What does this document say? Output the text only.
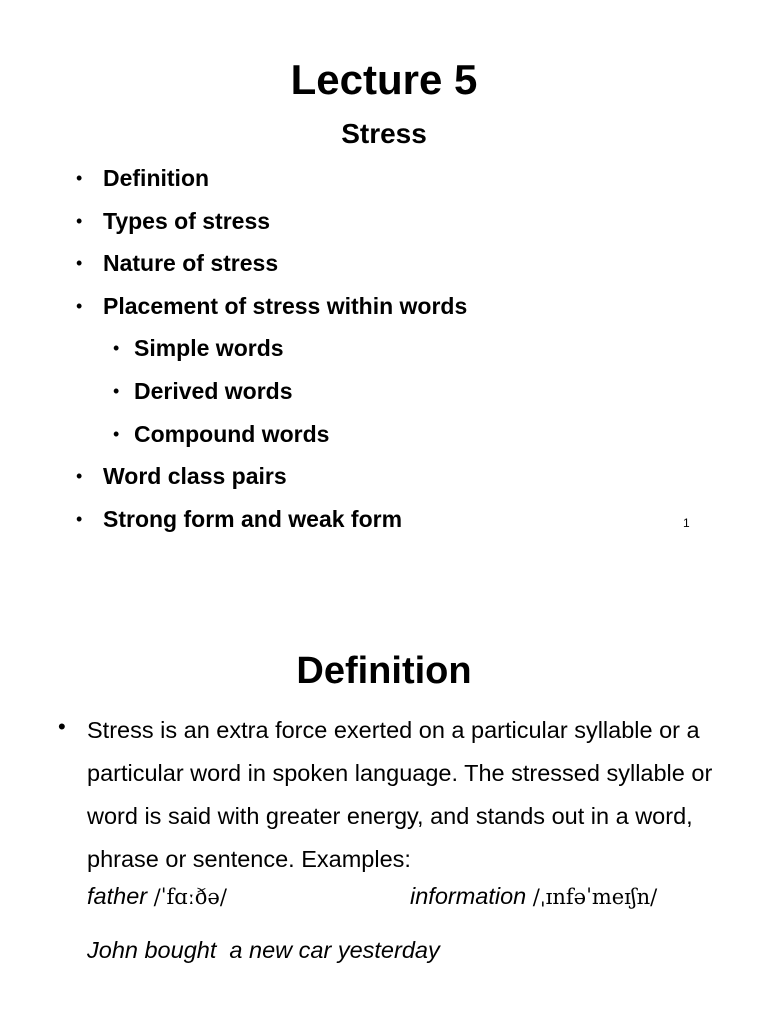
Lecture 5
Stress
• Definition
• Types of stress
• Nature of stress
• Placement of stress within words
• Simple words
• Derived words
• Compound words
• Word class pairs
• Strong form and weak form	1
Definition
• Stress is an extra force exerted on a particular syllable or a particular word in spoken language. The stressed syllable or word is said with greater energy, and stands out in a word, phrase or sentence. Examples:

father /ˈfɑːðə/	information /ˌɪnfəˈmeɪʃn/
John bought  a new car yesterday
